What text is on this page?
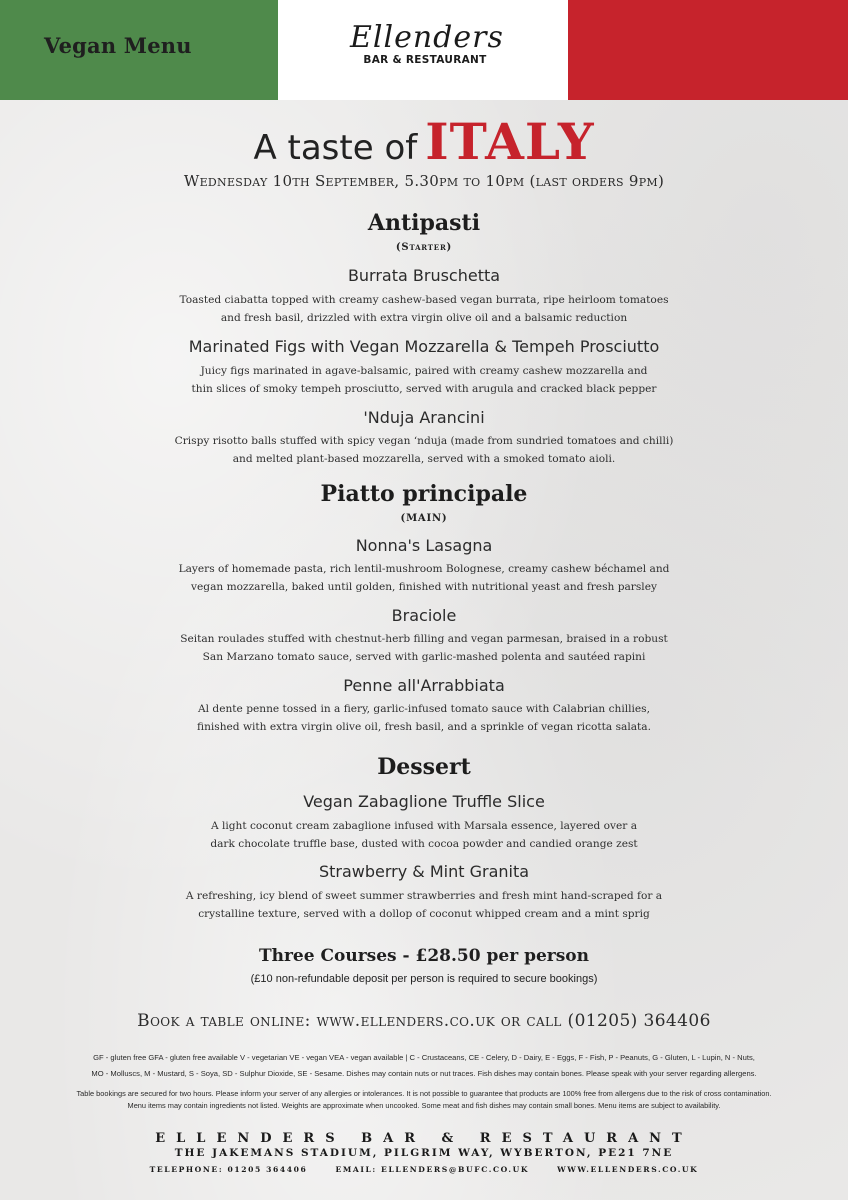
Vegan Menu	Ellenders
BAR & RESTAURANT
A taste of ITALY
Wednesday 10th September, 5.30pm to 10pm (last orders 9pm)
Antipasti
(Starter)
Burrata Bruschetta
Toasted ciabatta topped with creamy cashew-based vegan burrata, ripe heirloom tomatoes
and fresh basil, drizzled with extra virgin olive oil and a balsamic reduction
Marinated Figs with Vegan Mozzarella & Tempeh Prosciutto
Juicy figs marinated in agave-balsamic, paired with creamy cashew mozzarella and
thin slices of smoky tempeh prosciutto, served with arugula and cracked black pepper
'Nduja Arancini
Crispy risotto balls stuffed with spicy vegan ‘nduja (made from sundried tomatoes and chilli)
and melted plant-based mozzarella, served with a smoked tomato aioli.
Piatto principale
(MAIN)
Nonna's Lasagna
Layers of homemade pasta, rich lentil-mushroom Bolognese, creamy cashew béchamel and
vegan mozzarella, baked until golden, finished with nutritional yeast and fresh parsley
Braciole
Seitan roulades stuffed with chestnut-herb filling and vegan parmesan, braised in a robust
San Marzano tomato sauce, served with garlic-mashed polenta and sautéed rapini
Penne all'Arrabbiata
Al dente penne tossed in a fiery, garlic-infused tomato sauce with Calabrian chillies,
finished with extra virgin olive oil, fresh basil, and a sprinkle of vegan ricotta salata.
Dessert
Vegan Zabaglione Truffle Slice
A light coconut cream zabaglione infused with Marsala essence, layered over a
dark chocolate truffle base, dusted with cocoa powder and candied orange zest
Strawberry & Mint Granita
A refreshing, icy blend of sweet summer strawberries and fresh mint hand-scraped for a
crystalline texture, served with a dollop of coconut whipped cream and a mint sprig
Three Courses - £28.50 per person
(£10 non-refundable deposit per person is required to secure bookings)
Book a table online: www.ellenders.co.uk or call (01205) 364406
GF - gluten free GFA - gluten free available V - vegetarian VE - vegan VEA - vegan available | C - Crustaceans, CE - Celery, D - Dairy, E - Eggs, F - Fish, P - Peanuts, G - Gluten, L - Lupin, N - Nuts,
MO - Molluscs, M - Mustard, S - Soya, SD - Sulphur Dioxide, SE - Sesame. Dishes may contain nuts or nut traces. Fish dishes may contain bones. Please speak with your server regarding allergens.
Table bookings are secured for two hours. Please inform your server of any allergies or intolerances. It is not possible to guarantee that products are 100% free from allergens due to the risk of cross contamination.
Menu items may contain ingredients not listed. Weights are approximate when uncooked. Some meat and fish dishes may contain small bones. Menu items are subject to availability.
ELLENDERS BAR & RESTAURANT
THE JAKEMANS STADIUM, PILGRIM WAY, WYBERTON, PE21 7NE
TELEPHONE: 01205 364406	EMAIL: ELLENDERS@BUFC.CO.UK	WWW.ELLENDERS.CO.UK
